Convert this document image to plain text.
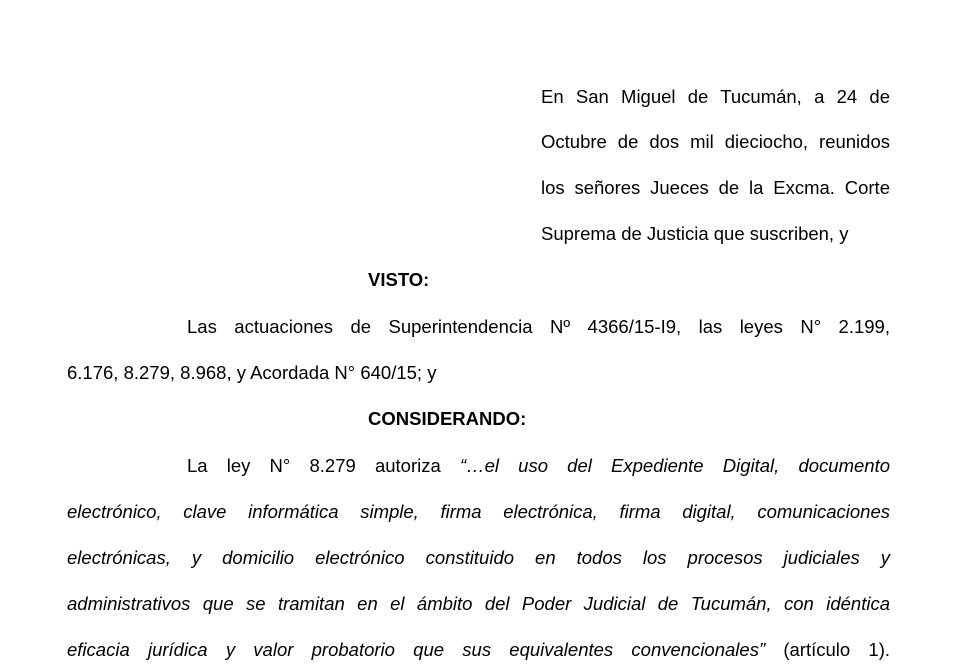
En San Miguel de Tucumán, a 24 de
Octubre de dos mil dieciocho, reunidos
los señores Jueces de la Excma. Corte
Suprema de Justicia que suscriben, y
VISTO:
Las actuaciones de Superintendencia Nº 4366/15-I9, las leyes N° 2.199,
6.176, 8.279, 8.968, y Acordada N° 640/15; y
CONSIDERANDO:
La ley N° 8.279 autoriza “…el uso del Expediente Digital, documento
electrónico, clave informática simple, firma electrónica, firma digital, comunicaciones
electrónicas, y domicilio electrónico constituido en todos los procesos judiciales y
administrativos que se tramitan en el ámbito del Poder Judicial de Tucumán, con idéntica
eficacia jurídica y valor probatorio que sus equivalentes convencionales” (artículo 1).
